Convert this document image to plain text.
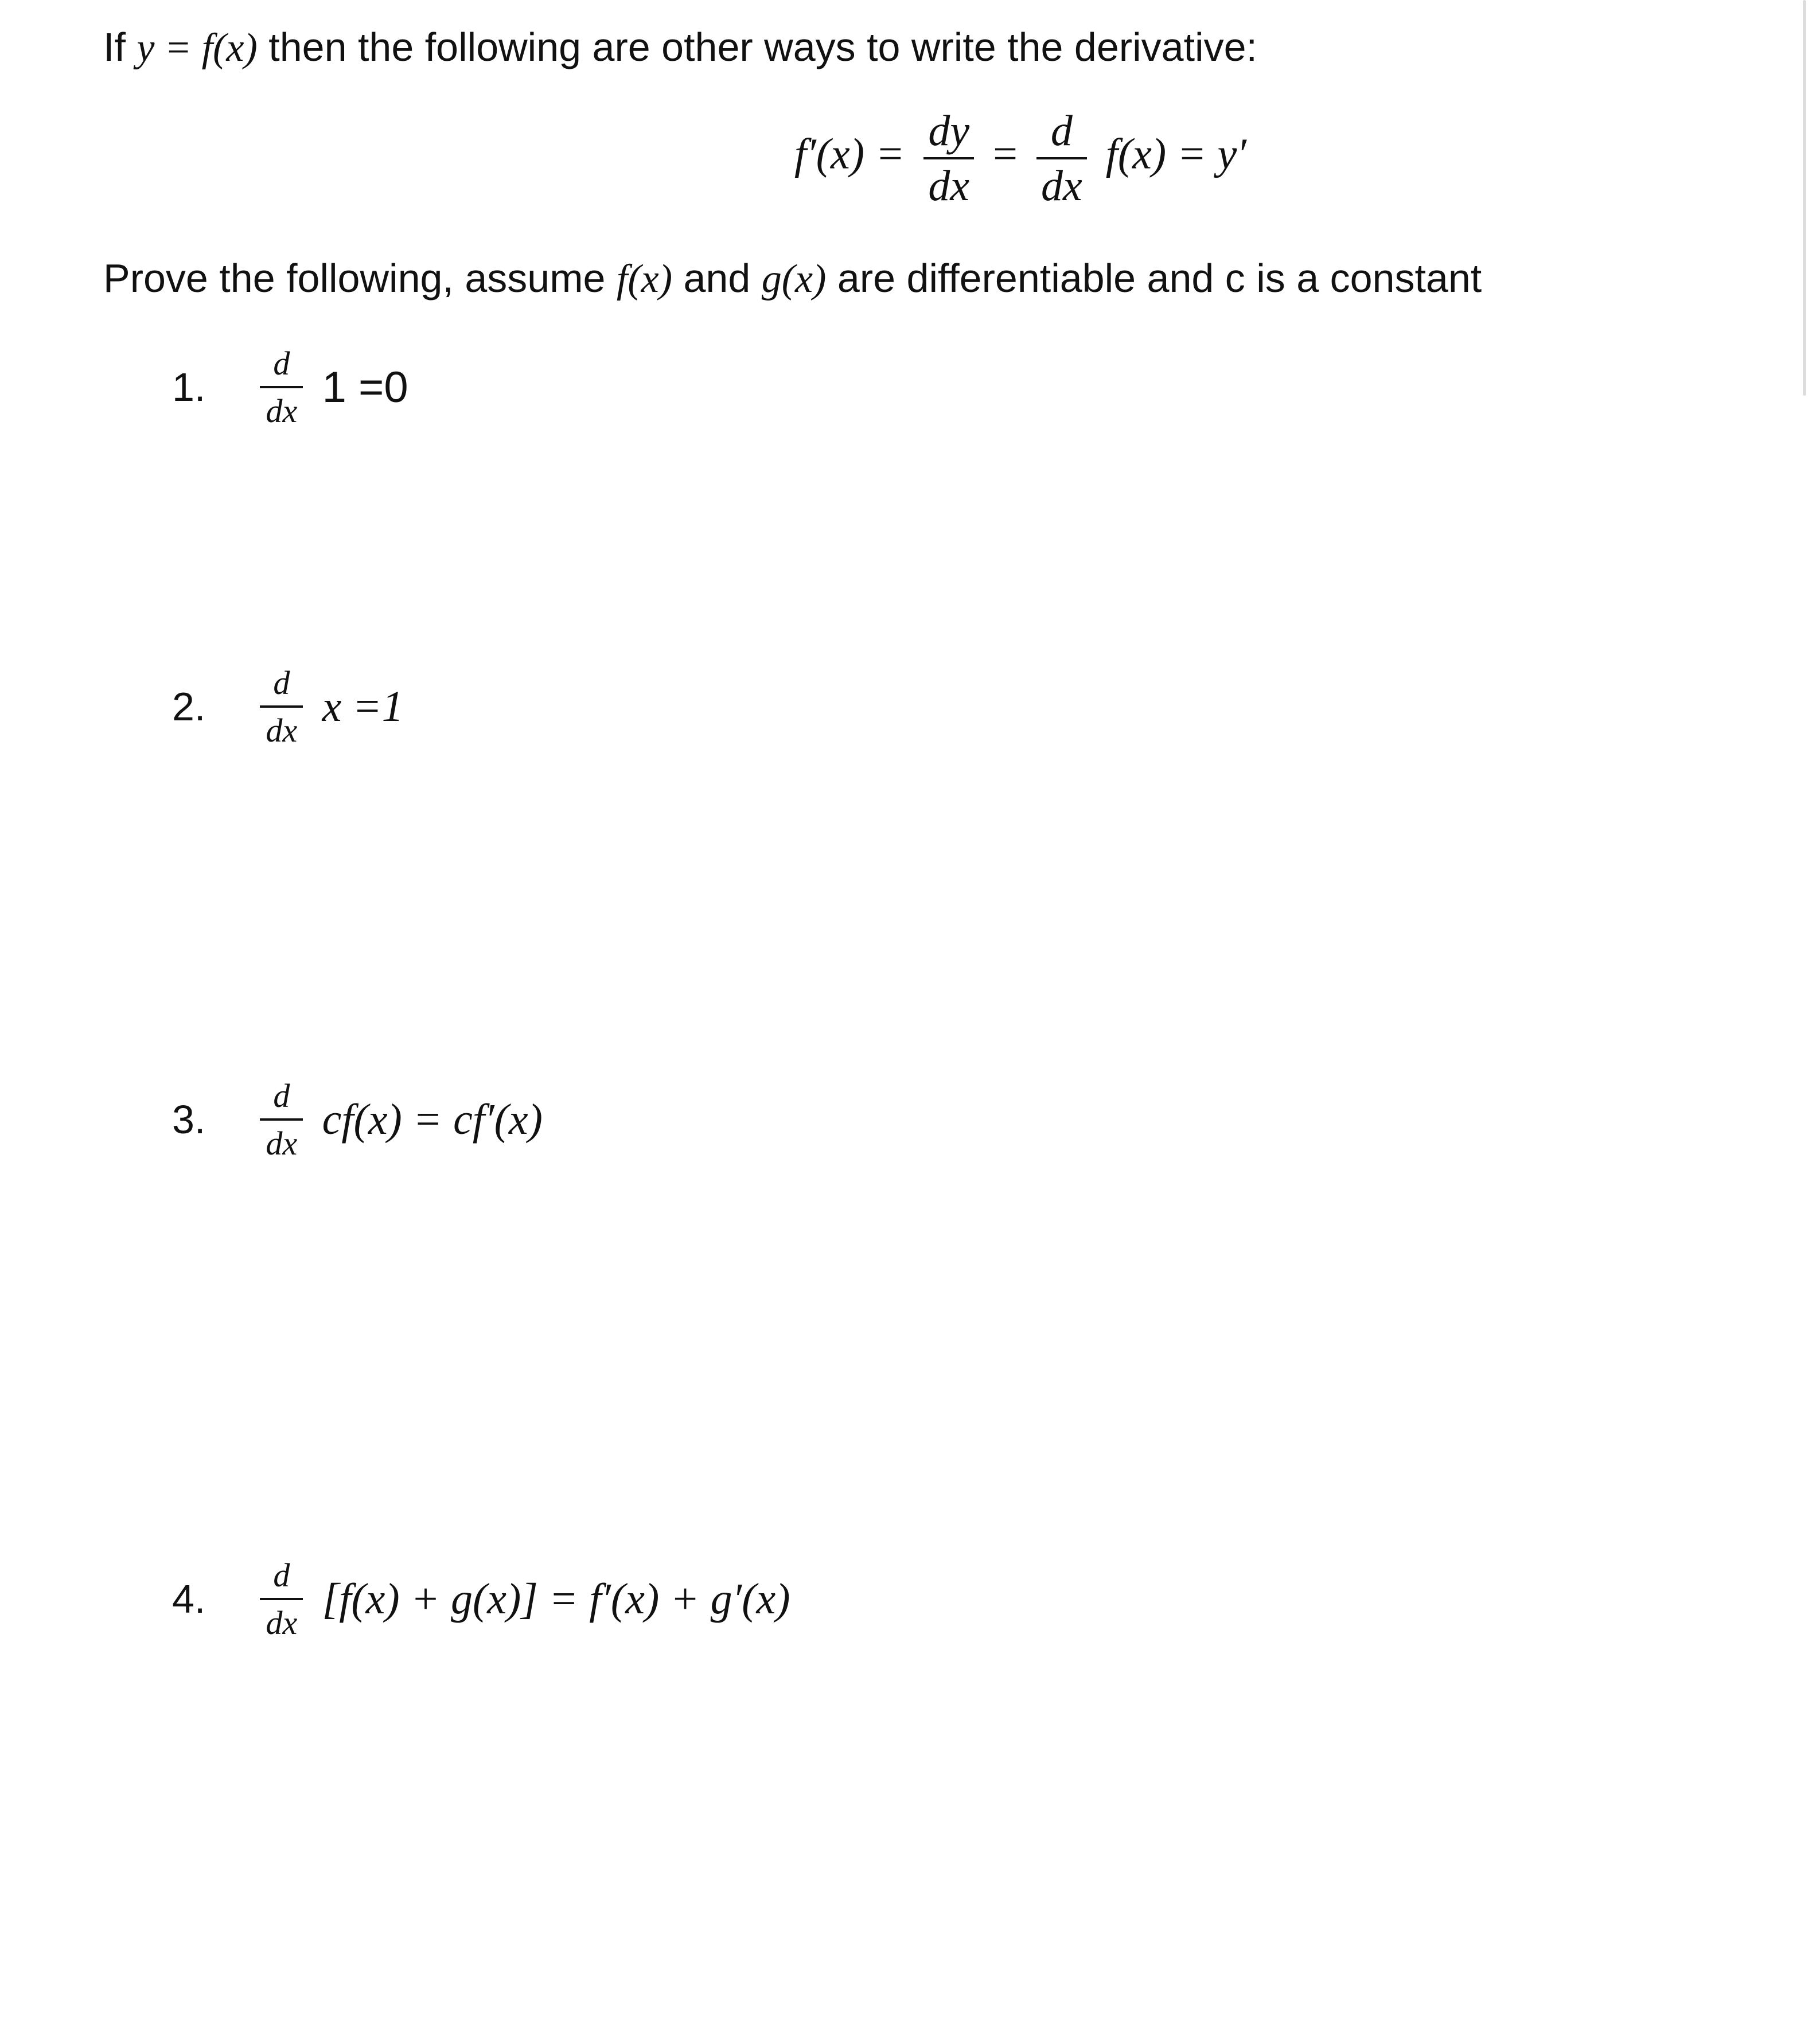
If y = f(x) then the following are other ways to write the derivative:
$f'(x) = \frac{dy}{dx} = \frac{d}{dx} f(x) = y'$
Prove the following, assume f(x) and g(x) are differentiable and c is a constant
1. $\frac{d}{dx} 1 =0$
2. $\frac{d}{dx}$ x =1
3. $\frac{d}{dx} cf(x) = cf'(x)$
4. $\frac{d}{dx} [f(x) + g(x)] = f'(x) + g'(x)$
